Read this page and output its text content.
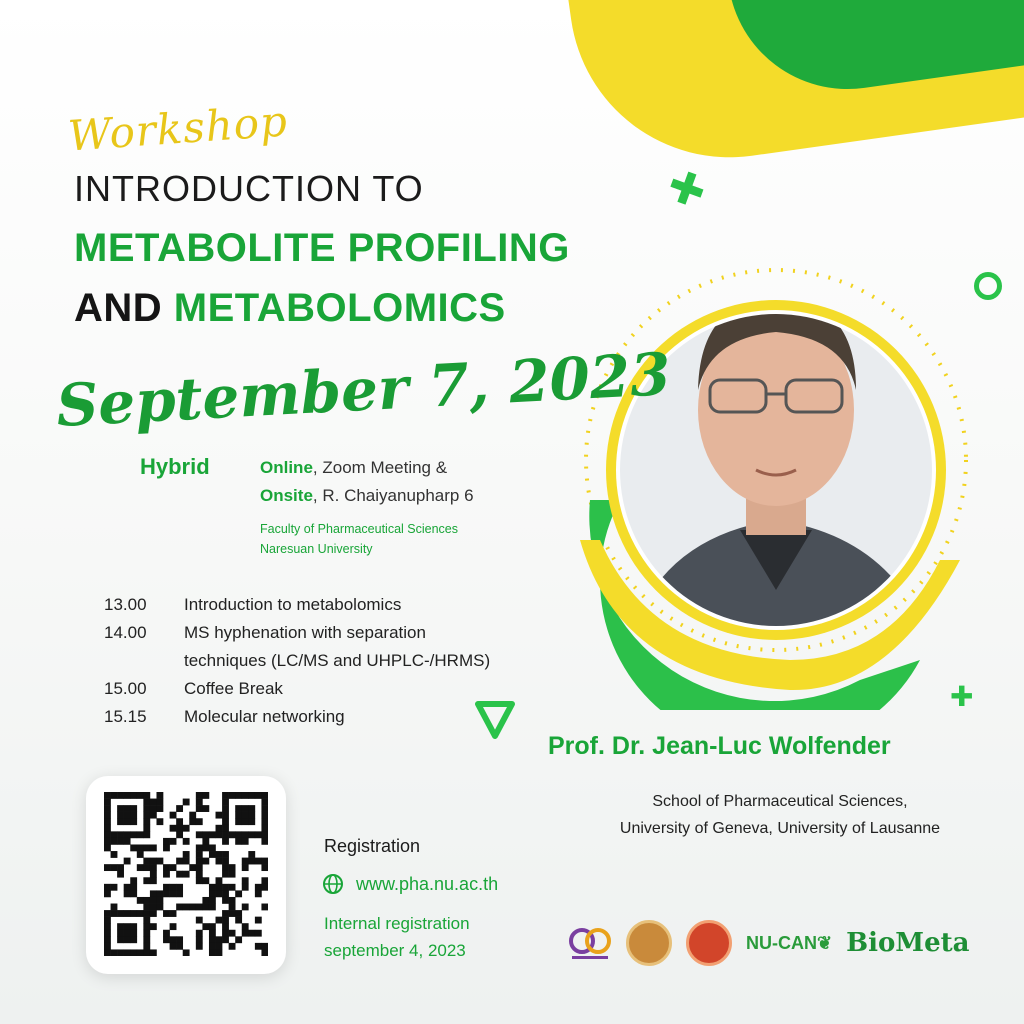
✚
✚
Workshop
INTRODUCTION TO
METABOLITE PROFILING
AND METABOLOMICS
September 7, 2023
Hybrid	Online, Zoom Meeting &
Onsite, R. Chaiyanupharp 6
Faculty of Pharmaceutical Sciences
Naresuan University
13.00	Introduction to metabolomics
14.00	MS hyphenation with separation techniques (LC/MS and UHPLC-/HRMS)
15.00	Coffee Break
15.15	Molecular networking
Registration
www.pha.nu.ac.th
Internal registration
september 4, 2023
Prof. Dr. Jean-Luc Wolfender
School of Pharmaceutical Sciences,
University of Geneva, University of Lausanne
NU-CAN❦ BioMeta
